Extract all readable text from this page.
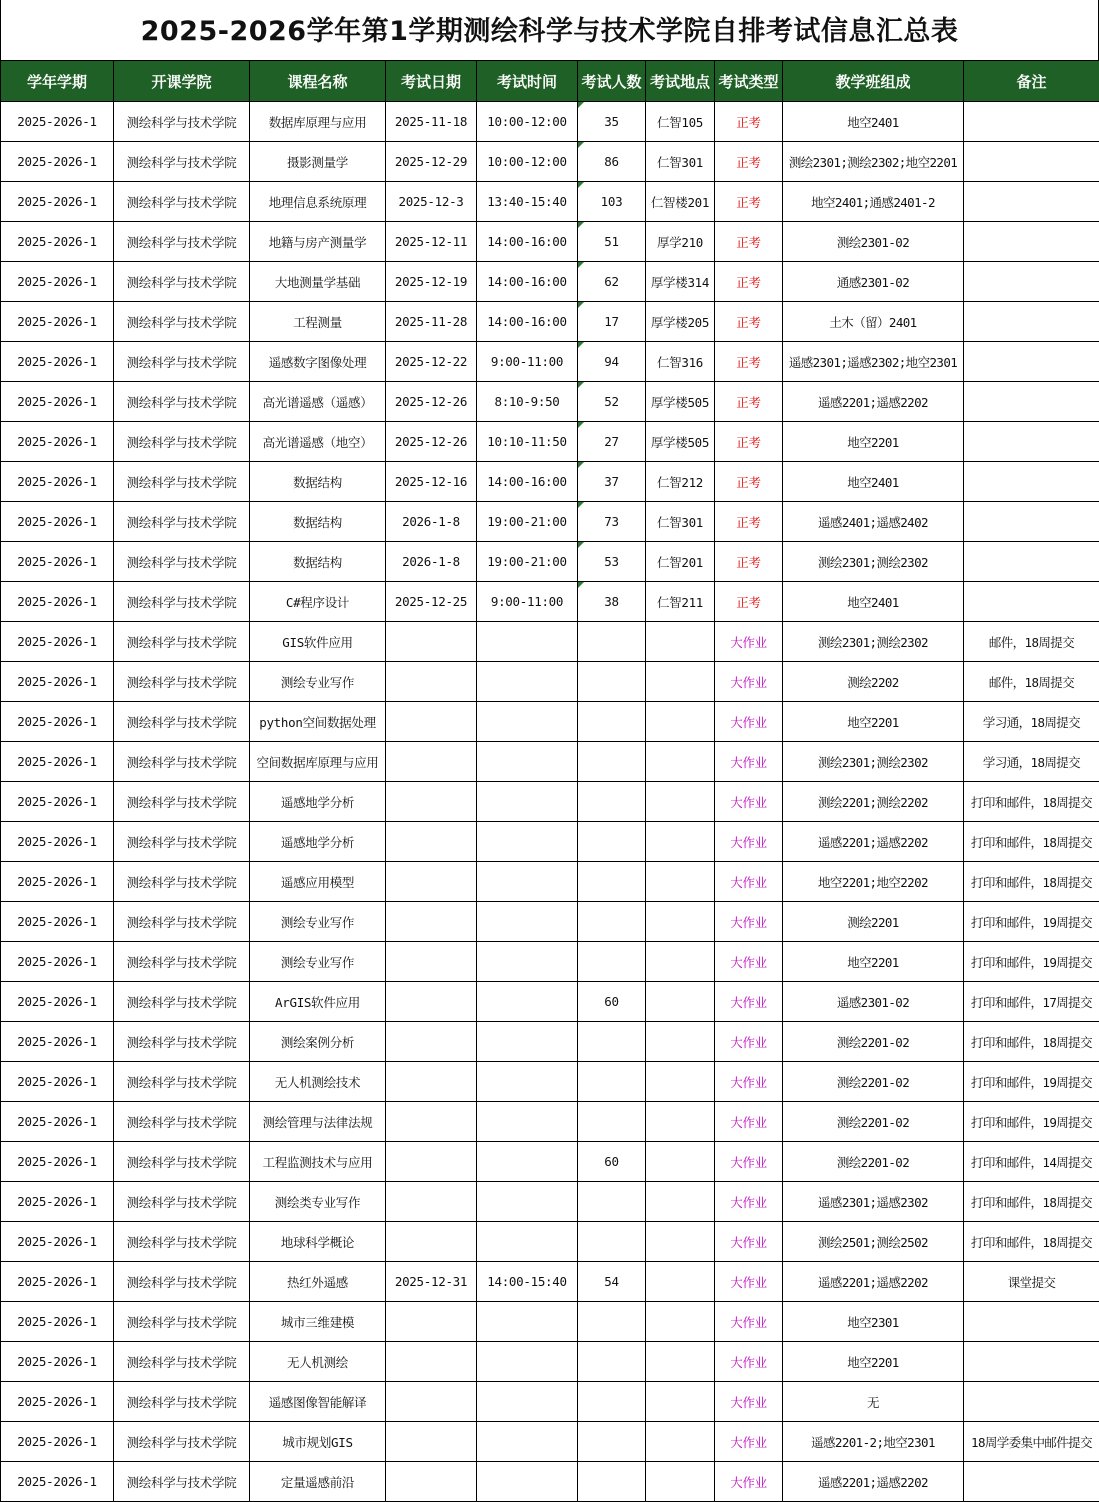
2025-2026学年第1学期测绘科学与技术学院自排考试信息汇总表
学年学期	开课学院	课程名称	考试日期	考试时间	考试人数	考试地点	考试类型	教学班组成	备注
2025-2026-1	测绘科学与技术学院	数据库原理与应用	2025-11-18	10:00-12:00	35	仁智105	正考	地空2401	
2025-2026-1	测绘科学与技术学院	摄影测量学	2025-12-29	10:00-12:00	86	仁智301	正考	测绘2301;测绘2302;地空2201	
2025-2026-1	测绘科学与技术学院	地理信息系统原理	2025-12-3	13:40-15:40	103	仁智楼201	正考	地空2401;通感2401-2	
2025-2026-1	测绘科学与技术学院	地籍与房产测量学	2025-12-11	14:00-16:00	51	厚学210	正考	测绘2301-02	
2025-2026-1	测绘科学与技术学院	大地测量学基础	2025-12-19	14:00-16:00	62	厚学楼314	正考	通感2301-02	
2025-2026-1	测绘科学与技术学院	工程测量	2025-11-28	14:00-16:00	17	厚学楼205	正考	土木（留）2401	
2025-2026-1	测绘科学与技术学院	遥感数字图像处理	2025-12-22	9:00-11:00	94	仁智316	正考	遥感2301;遥感2302;地空2301	
2025-2026-1	测绘科学与技术学院	高光谱遥感（遥感）	2025-12-26	8:10-9:50	52	厚学楼505	正考	遥感2201;遥感2202	
2025-2026-1	测绘科学与技术学院	高光谱遥感（地空）	2025-12-26	10:10-11:50	27	厚学楼505	正考	地空2201	
2025-2026-1	测绘科学与技术学院	数据结构	2025-12-16	14:00-16:00	37	仁智212	正考	地空2401	
2025-2026-1	测绘科学与技术学院	数据结构	2026-1-8	19:00-21:00	73	仁智301	正考	遥感2401;遥感2402	
2025-2026-1	测绘科学与技术学院	数据结构	2026-1-8	19:00-21:00	53	仁智201	正考	测绘2301;测绘2302	
2025-2026-1	测绘科学与技术学院	C#程序设计	2025-12-25	9:00-11:00	38	仁智211	正考	地空2401	
2025-2026-1	测绘科学与技术学院	GIS软件应用					大作业	测绘2301;测绘2302	邮件，18周提交
2025-2026-1	测绘科学与技术学院	测绘专业写作					大作业	测绘2202	邮件，18周提交
2025-2026-1	测绘科学与技术学院	python空间数据处理					大作业	地空2201	学习通，18周提交
2025-2026-1	测绘科学与技术学院	空间数据库原理与应用					大作业	测绘2301;测绘2302	学习通，18周提交
2025-2026-1	测绘科学与技术学院	遥感地学分析					大作业	测绘2201;测绘2202	打印和邮件，18周提交
2025-2026-1	测绘科学与技术学院	遥感地学分析					大作业	遥感2201;遥感2202	打印和邮件，18周提交
2025-2026-1	测绘科学与技术学院	遥感应用模型					大作业	地空2201;地空2202	打印和邮件，18周提交
2025-2026-1	测绘科学与技术学院	测绘专业写作					大作业	测绘2201	打印和邮件，19周提交
2025-2026-1	测绘科学与技术学院	测绘专业写作					大作业	地空2201	打印和邮件，19周提交
2025-2026-1	测绘科学与技术学院	ArGIS软件应用			60		大作业	遥感2301-02	打印和邮件，17周提交
2025-2026-1	测绘科学与技术学院	测绘案例分析					大作业	测绘2201-02	打印和邮件，18周提交
2025-2026-1	测绘科学与技术学院	无人机测绘技术					大作业	测绘2201-02	打印和邮件，19周提交
2025-2026-1	测绘科学与技术学院	测绘管理与法律法规					大作业	测绘2201-02	打印和邮件，19周提交
2025-2026-1	测绘科学与技术学院	工程监测技术与应用			60		大作业	测绘2201-02	打印和邮件，14周提交
2025-2026-1	测绘科学与技术学院	测绘类专业写作					大作业	遥感2301;遥感2302	打印和邮件，18周提交
2025-2026-1	测绘科学与技术学院	地球科学概论					大作业	测绘2501;测绘2502	打印和邮件，18周提交
2025-2026-1	测绘科学与技术学院	热红外遥感	2025-12-31	14:00-15:40	54		大作业	遥感2201;遥感2202	课堂提交
2025-2026-1	测绘科学与技术学院	城市三维建模					大作业	地空2301	
2025-2026-1	测绘科学与技术学院	无人机测绘					大作业	地空2201	
2025-2026-1	测绘科学与技术学院	遥感图像智能解译					大作业	无	
2025-2026-1	测绘科学与技术学院	城市规划GIS					大作业	遥感2201-2;地空2301	18周学委集中邮件提交
2025-2026-1	测绘科学与技术学院	定量遥感前沿					大作业	遥感2201;遥感2202	
